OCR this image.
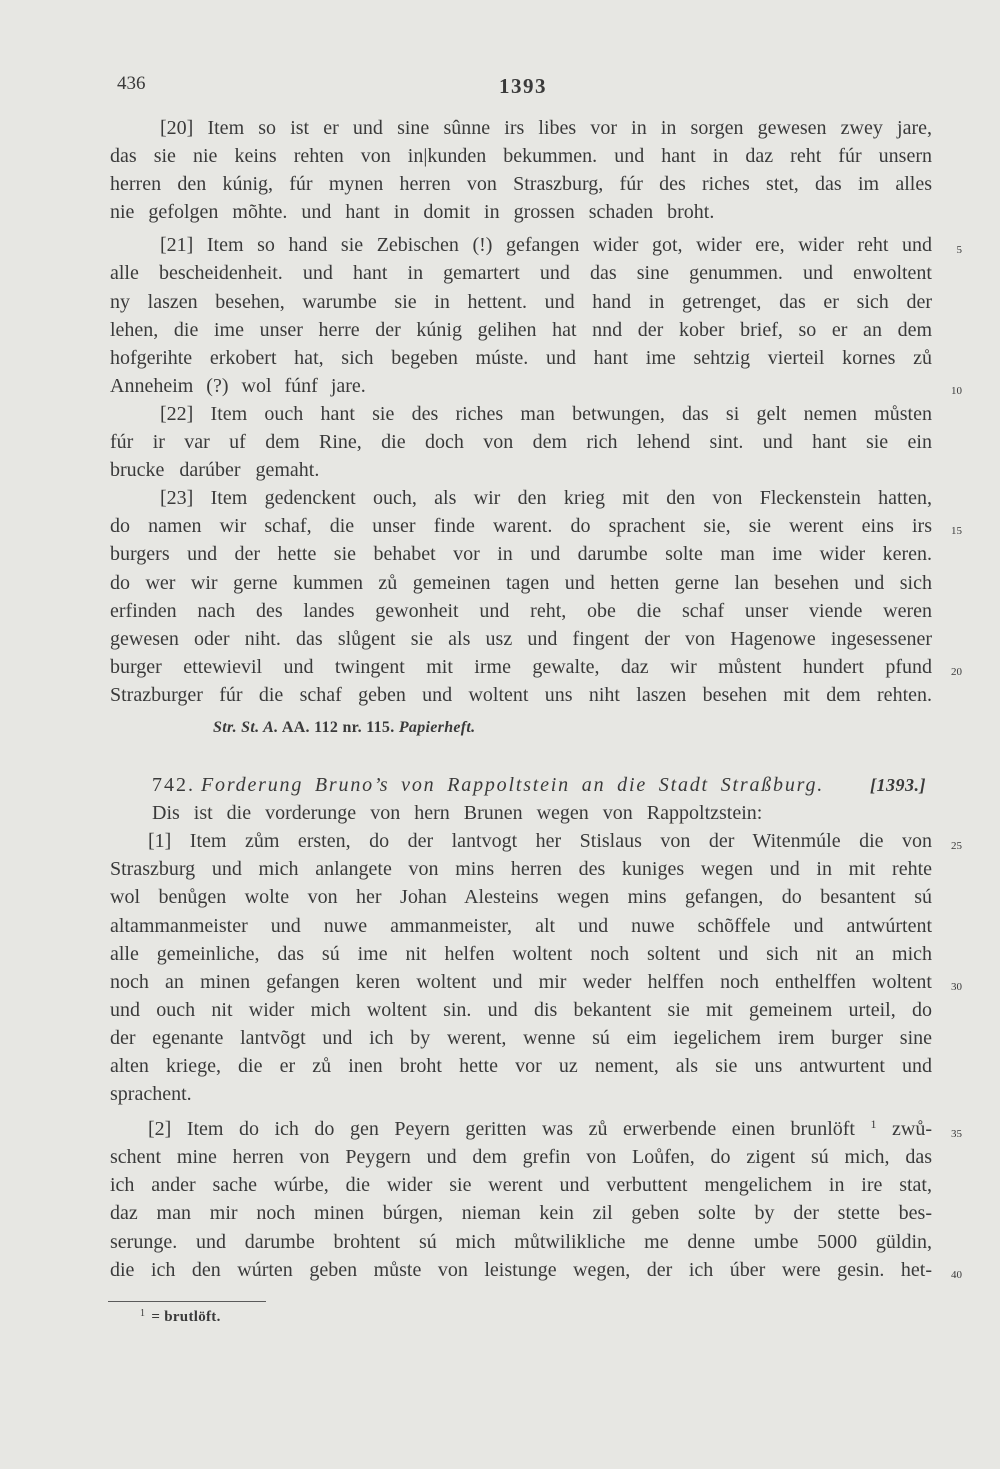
436	1393
[20] Item so ist er und sine sûnne irs libes vor in in sorgen gewesen zwey jare,
das sie nie keins rehten von in|kunden bekummen. und hant in daz reht fúr unsern
herren den kúnig, fúr mynen herren von Straszburg, fúr des riches stet, das im alles
nie gefolgen mõhte. und hant in domit in grossen schaden broht.
[21] Item so hand sie Zebischen (!) gefangen wider got, wider ere, wider reht und 5
alle bescheidenheit. und hant in gemartert und das sine genummen. und enwoltent
ny laszen besehen, warumbe sie in hettent. und hand in getrenget, das er sich der
lehen, die ime unser herre der kúnig gelihen hat nnd der kober brief, so er an dem
hofgerihte erkobert hat, sich begeben múste. und hant ime sehtzig vierteil kornes zů
Anneheim (?) wol fúnf jare.	10
[22] Item ouch hant sie des riches man betwungen, das si gelt nemen můsten
fúr ir var uf dem Rine, die doch von dem rich lehend sint. und hant sie ein
brucke darúber gemaht.
[23] Item gedenckent ouch, als wir den krieg mit den von Fleckenstein hatten,
do namen wir schaf, die unser finde warent. do sprachent sie, sie werent eins irs 15
burgers und der hette sie behabet vor in und darumbe solte man ime wider keren.
do wer wir gerne kummen zů gemeinen tagen und hetten gerne lan besehen und sich
erfinden nach des landes gewonheit und reht, obe die schaf unser viende weren
gewesen oder niht. das slůgent sie als usz und fingent der von Hagenowe ingesessener
burger ettewievil und twingent mit irme gewalte, daz wir můstent hundert pfund 20
Strazburger fúr die schaf geben und woltent uns niht laszen besehen mit dem rehten.
Str. St. A. AA. 112 nr. 115. Papierheft.
742. Forderung Bruno’s von Rappoltstein an die Stadt Straßburg.	[1393.]
Dis ist die vorderunge von hern Brunen wegen von Rappoltzstein:
[1] Item zům ersten, do der lantvogt her Stislaus von der Witenmúle die von 25
Straszburg und mich anlangete von mins herren des kuniges wegen und in mit rehte
wol benůgen wolte von her Johan Alesteins wegen mins gefangen, do besantent sú
altammanmeister und nuwe ammanmeister, alt und nuwe schõffele und antwúrtent
alle gemeinliche, das sú ime nit helfen woltent noch soltent und sich nit an mich
noch an minen gefangen keren woltent und mir weder helffen noch enthelffen woltent 30
und ouch nit wider mich woltent sin. und dis bekantent sie mit gemeinem urteil, do
der egenante lantvõgt und ich by werent, wenne sú eim iegelichem irem burger sine
alten kriege, die er zů inen broht hette vor uz nement, als sie uns antwurtent und
sprachent.
[2] Item do ich do gen Peyern geritten was zů erwerbende einen brunlöft $^1$ zwů- 35
schent mine herren von Peygern und dem grefin von Loůfen, do zigent sú mich, das
ich ander sache wúrbe, die wider sie werent und verbuttent mengelichem in ire stat,
daz man mir noch minen búrgen, nieman kein zil geben solte by der stette bes-
serunge. und darumbe brohtent sú mich můtwilikliche me denne umbe 5000 güldin,
die ich den wúrten geben můste von leistunge wegen, der ich úber were gesin. het- 40
$^1$ = brutlöft.
